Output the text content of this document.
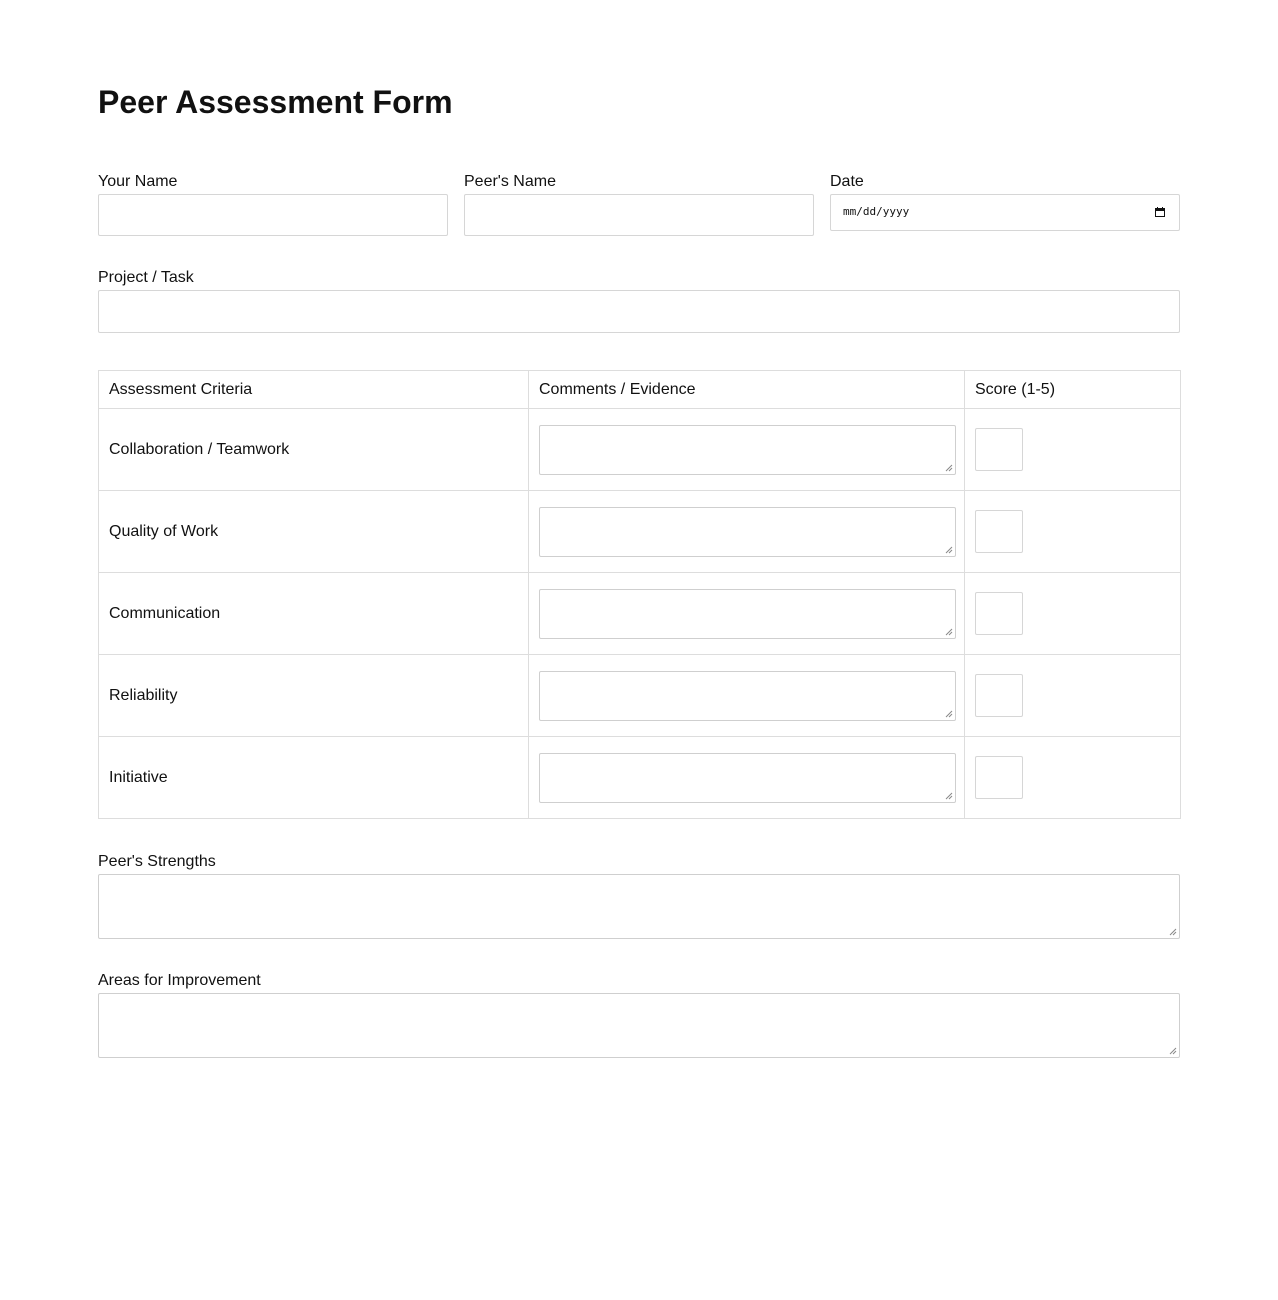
Peer Assessment Form
Your Name	Peer's Name	Date
mm/dd/yyyy
Project / Task
Assessment Criteria	Comments / Evidence	Score (1-5)
Collaboration / Teamwork	

Quality of Work	

Communication	

Reliability	

Initiative	

Peer's Strengths
Areas for Improvement
